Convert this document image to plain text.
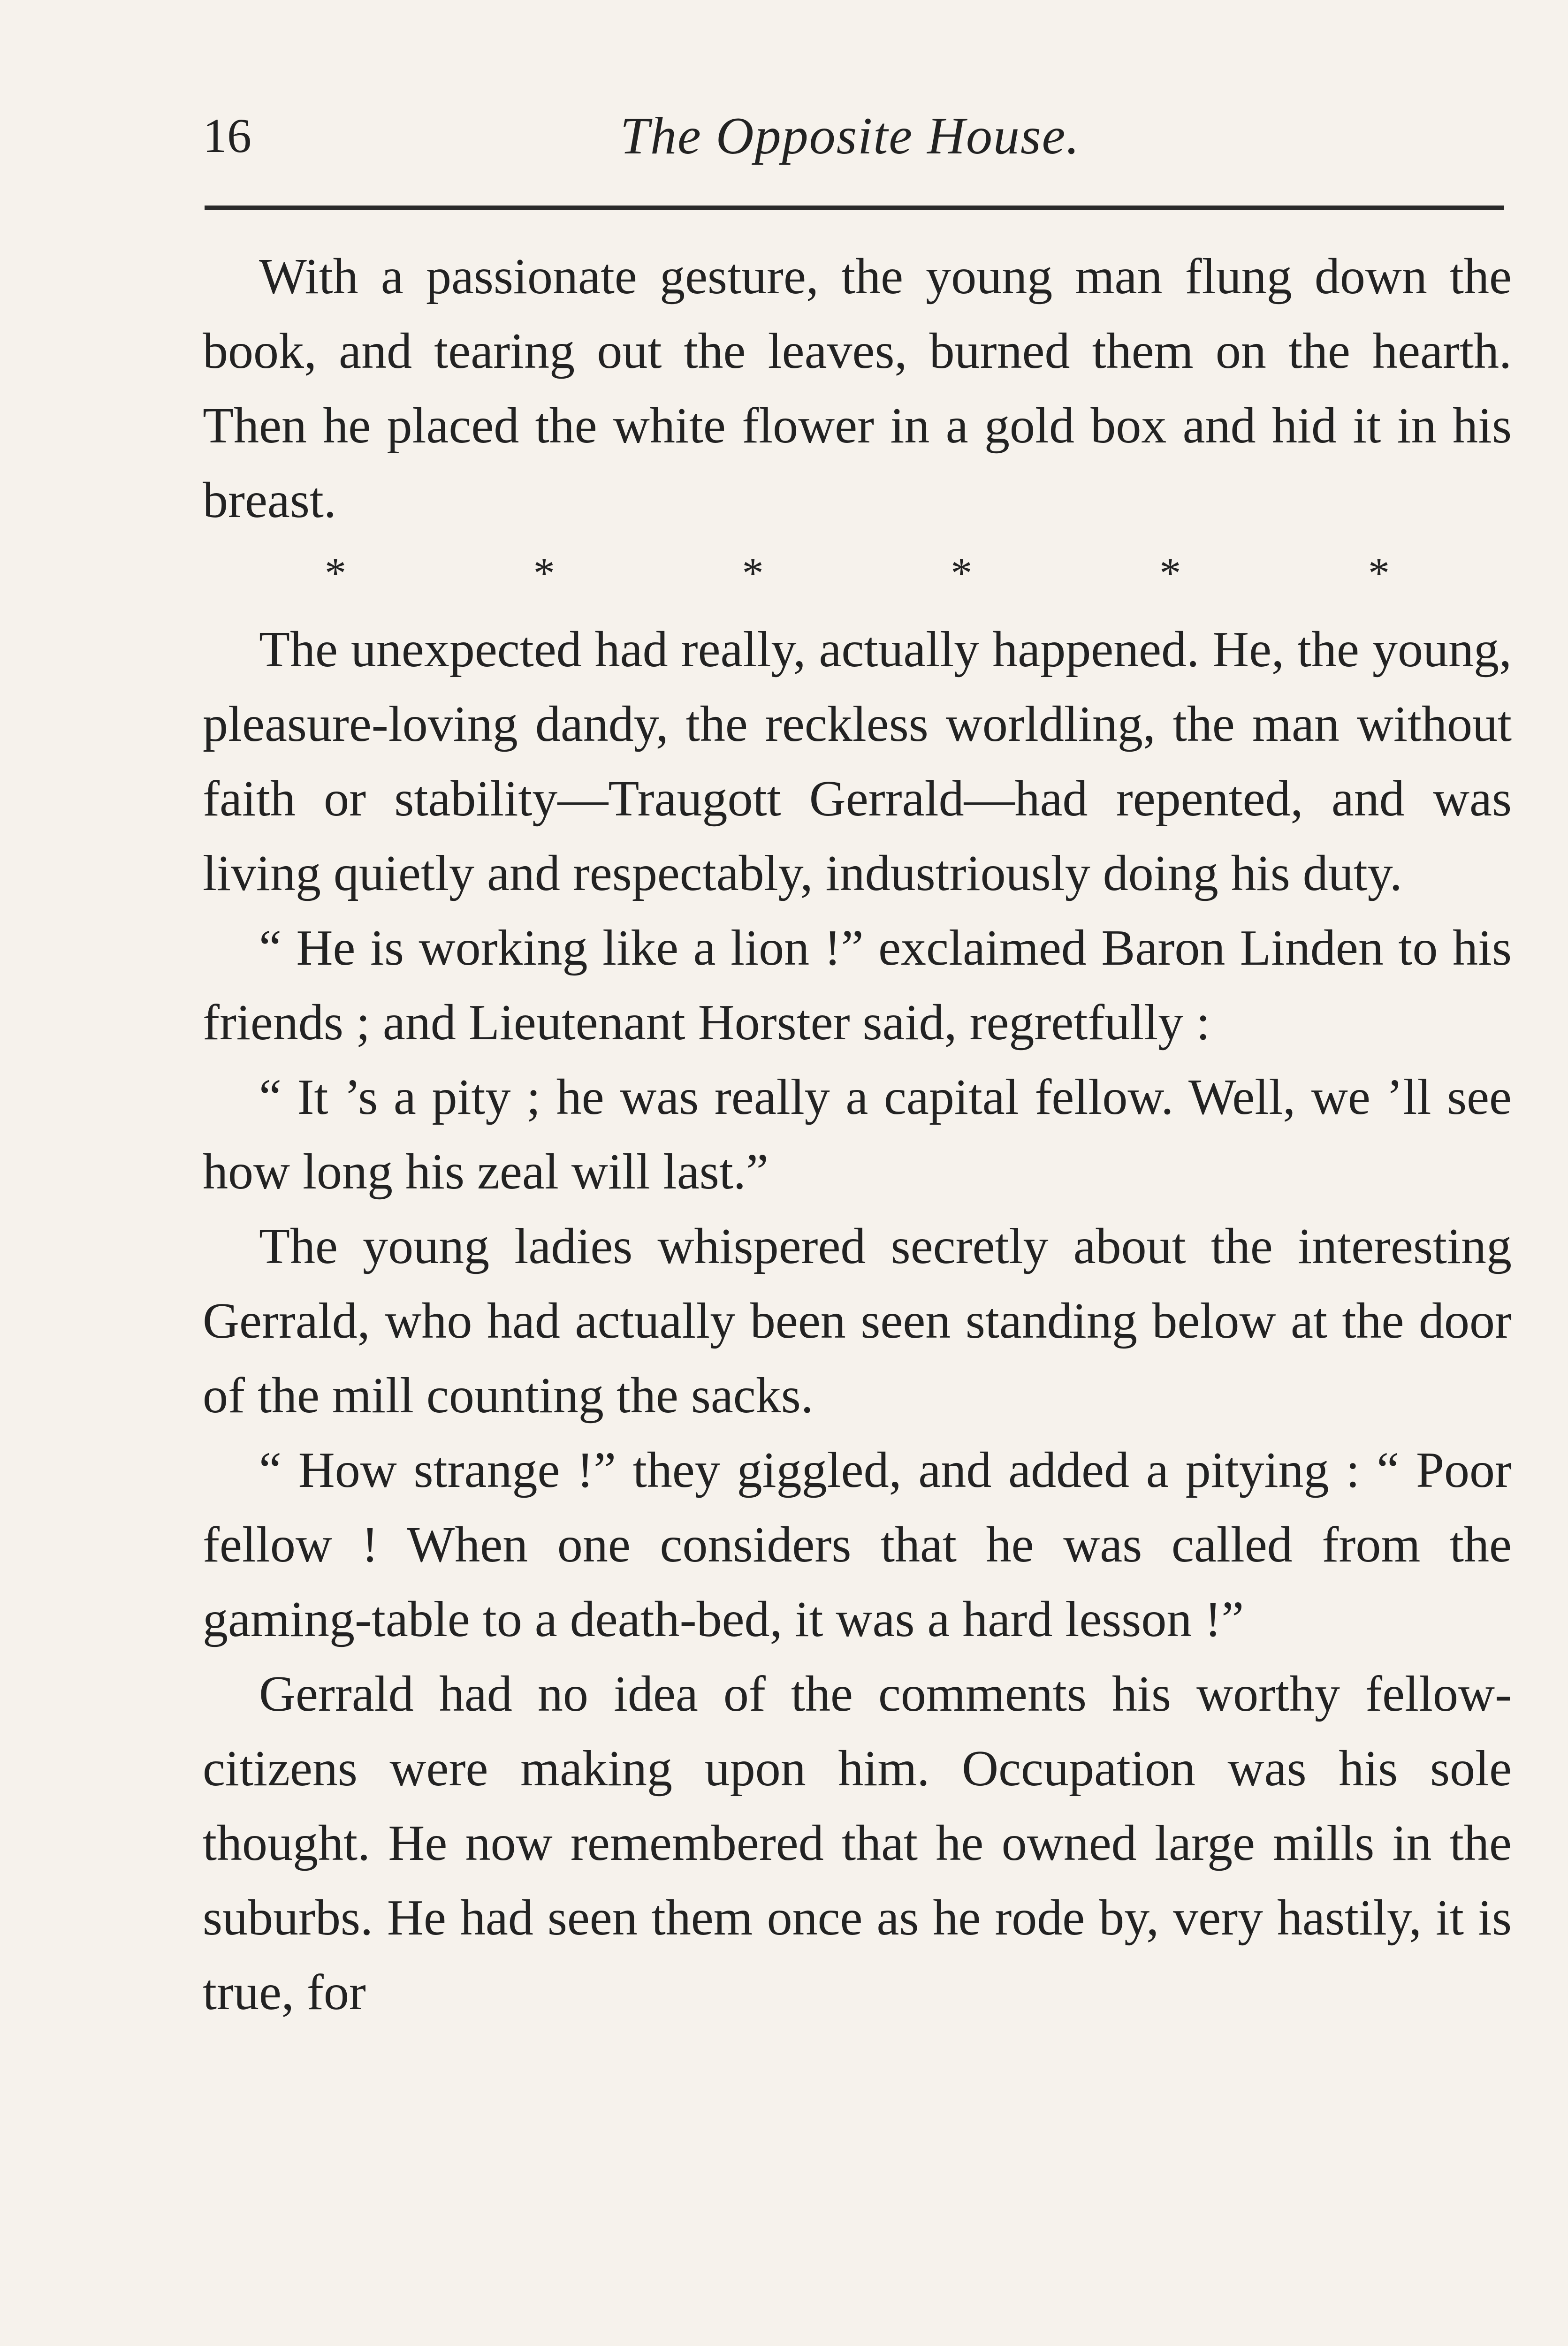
16	The Opposite House.

With a passionate gesture, the young man flung down the book, and tearing out the leaves, burned them on the hearth. Then he placed the white flower in a gold box and hid it in his breast.

*	*	*	*	*	*

The unexpected had really, actually happened. He, the young, pleasure-loving dandy, the reckless worldling, the man without faith or stability—Traugott Gerrald—had repented, and was living quietly and respectably, industriously doing his duty.

“ He is working like a lion !” exclaimed Baron Linden to his friends ; and Lieutenant Horster said, regretfully :

“ It ’s a pity ; he was really a capital fellow. Well, we ’ll see how long his zeal will last.”

The young ladies whispered secretly about the interesting Gerrald, who had actually been seen standing below at the door of the mill counting the sacks.

“ How strange !” they giggled, and added a pitying : “ Poor fellow ! When one considers that he was called from the gaming-table to a death-bed, it was a hard lesson !”

Gerrald had no idea of the comments his worthy fellow-citizens were making upon him. Occupation was his sole thought. He now remembered that he owned large mills in the suburbs. He had seen them once as he rode by, very hastily, it is true, for
